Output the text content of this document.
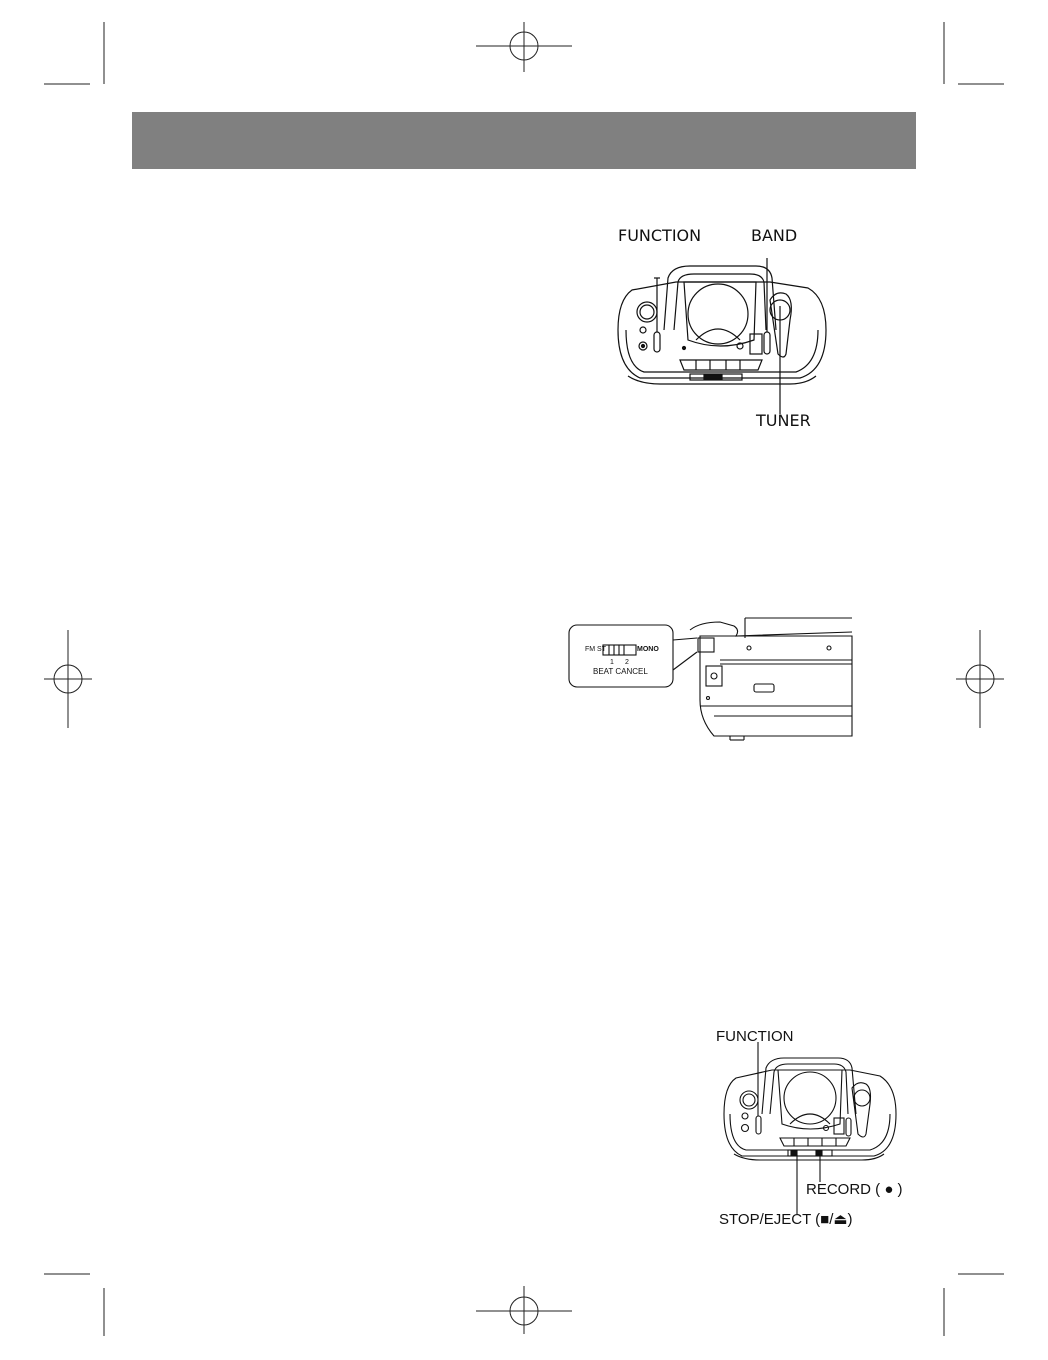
FUNCTION	BAND
TUNER
FM ST	MONO
1 2
BEAT CANCEL
FUNCTION
RECORD ( ● )
STOP/EJECT (■/⏏)
